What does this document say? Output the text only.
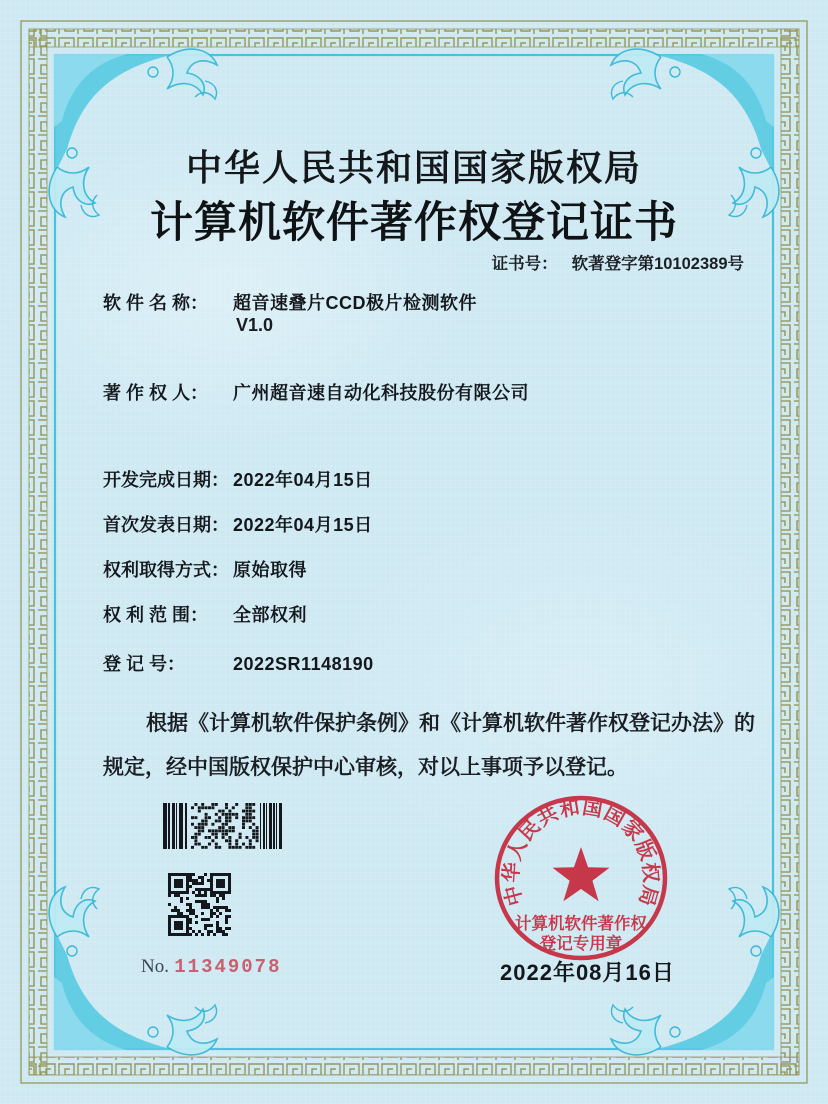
中华人民共和国国家版权局
计算机软件著作权登记证书
证书号： 软著登字第10102389号
软 件 名 称： 超音速叠片CCD极片检测软件
V1.0
著 作 权 人： 广州超音速自动化科技股份有限公司
开发完成日期： 2022年04月15日
首次发表日期： 2022年04月15日
权利取得方式： 原始取得
权 利 范 围： 全部权利
登 记 号：	2022SR1148190
根据《计算机软件保护条例》和《计算机软件著作权登记办法》的
规定，经中国版权保护中心审核，对以上事项予以登记。
No. 11349078	2022年08月16日
中华人民共和国国家版权局
计算机软件著作权
登记专用章
